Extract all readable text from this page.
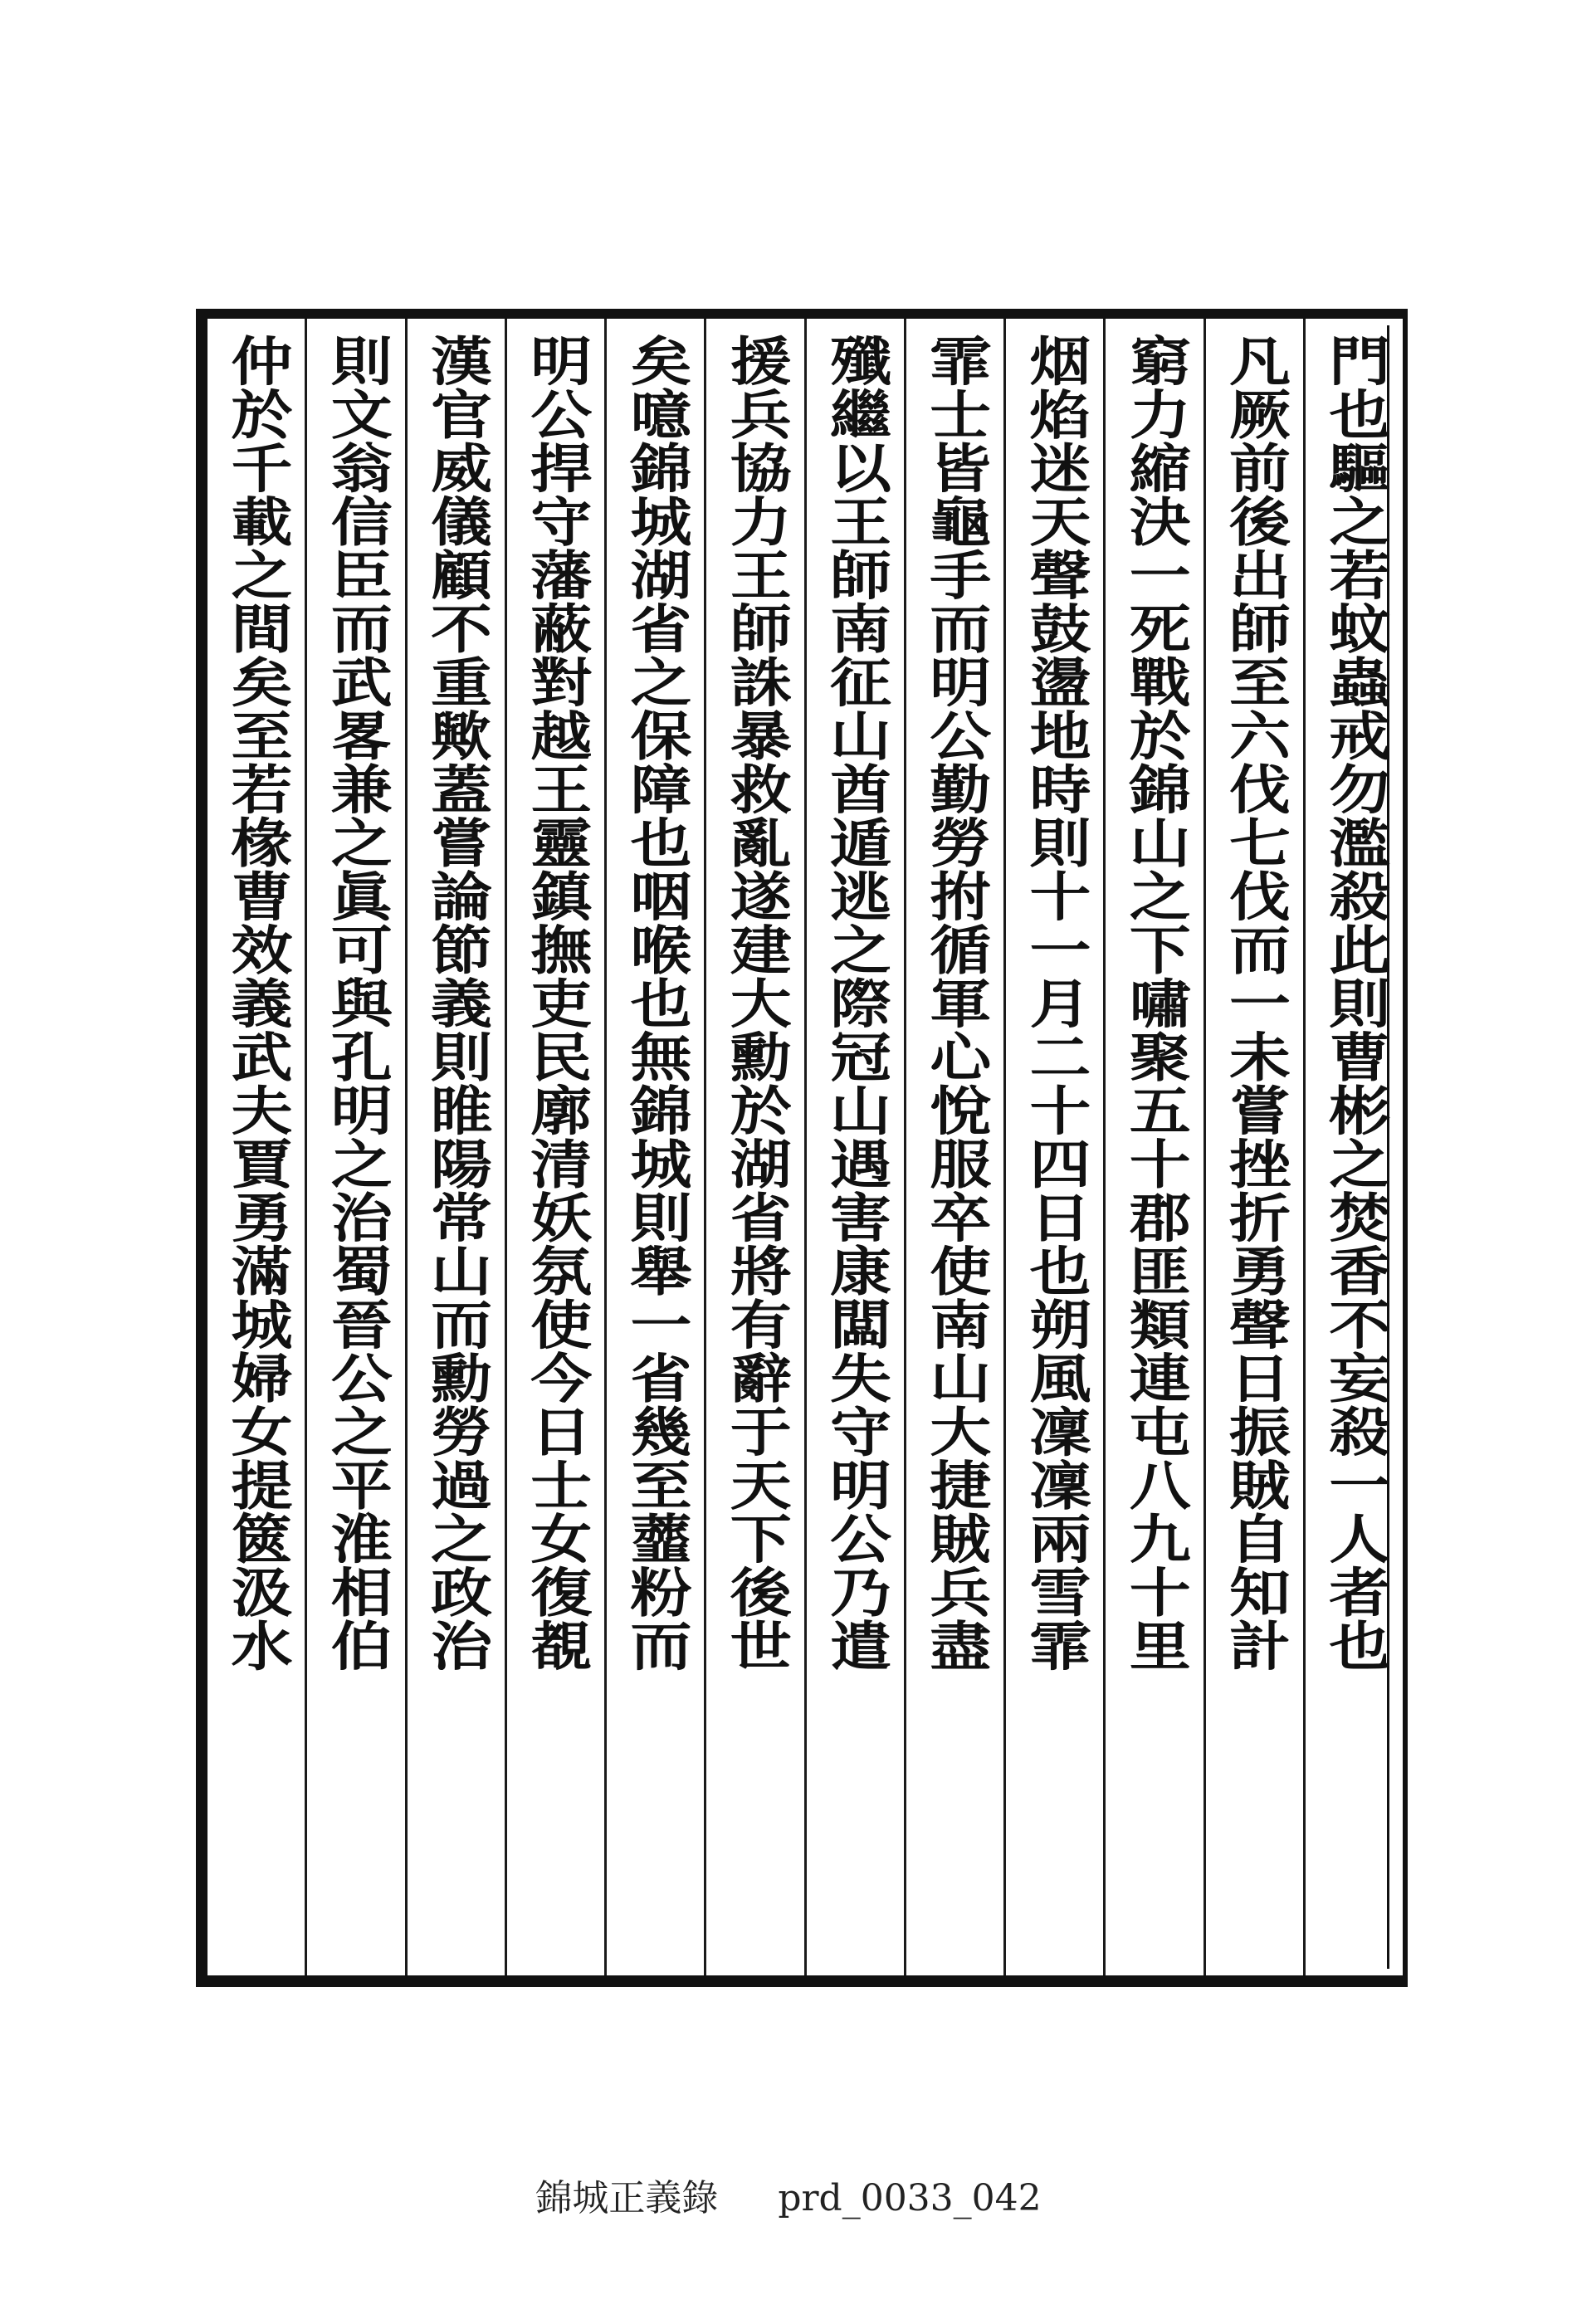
門也驅之若蚊蟲戒勿濫殺此則曹彬之焚香不妄殺一人者也
凡厥前後出師至六伐七伐而一未嘗挫折勇聲日振賊自知計
窮力縮決一死戰於錦山之下嘯聚五十郡匪類連屯八九十里
烟焰迷天聲鼓盪地時則十一月二十四日也朔風凜凜兩雪霏
霏士皆龜手而明公勤勞拊循軍心悅服卒使南山大捷賊兵盡
殲繼以王師南征山酋遁逃之際冠山遇害康闆失守明公乃遣
援兵協力王師誅暴救亂遂建大勳於湖省將有辭于天下後世
矣噫錦城湖省之保障也咽喉也無錦城則舉一省幾至虀粉而
明公捍守藩蔽對越王靈鎮撫吏民廓清妖氛使今日士女復覩
漢官威儀顧不重歟蓋嘗論節義則睢陽常山而勳勞過之政治
則文翁信臣而武畧兼之眞可與孔明之治蜀晉公之平淮相伯
仲於千載之間矣至若椽曹效義武夫賈勇滿城婦女提篋汲水
錦城正義錄 prd_0033_042
